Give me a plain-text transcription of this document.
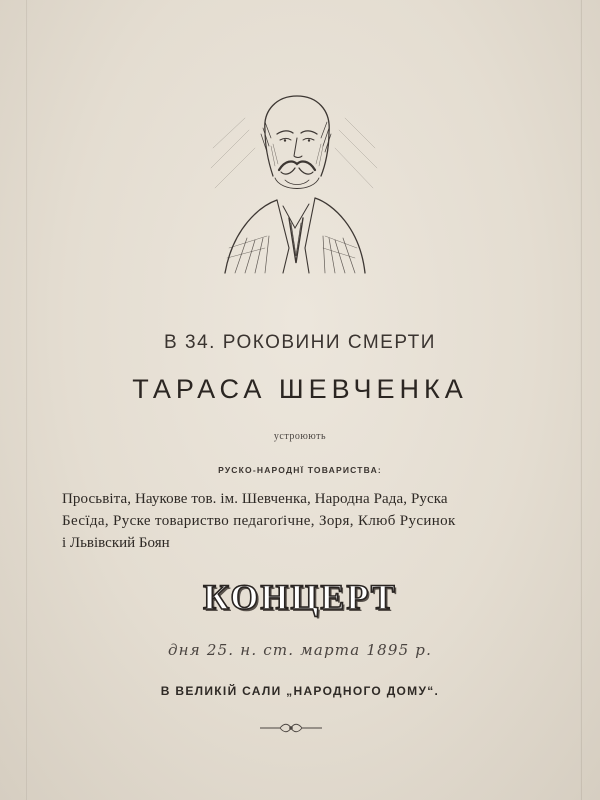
В 34. РОКОВИНИ СМЕРТИ
ТАРАСА ШЕВЧЕНКА
устроюють
РУСКО-НАРОДНЇ ТОВАРИСТВА:
Просьвіта, Наукове тов. ім. Шевченка, Народна Рада, Руска
Бесїда, Руске товариство педагоґічне, Зоря, Клюб Русинок
і Львівский Боян
КОНЦЕРТ
дня 25. н. ст. марта 1895 р.
В ВЕЛИКІЙ САЛИ „НАРОДНОГО ДОМУ“.
